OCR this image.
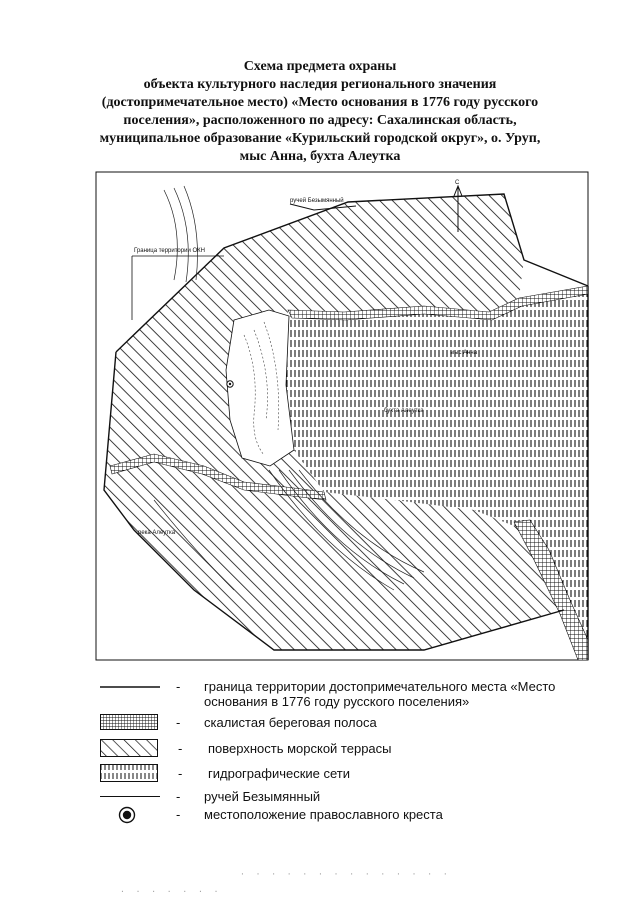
Схема предмета охраны
объекта культурного наследия регионального значения
(достопримечательное место) «Место основания в 1776 году русского
поселения», расположенного по адресу: Сахалинская область,
муниципальное образование «Курильский городской округ», о. Уруп,
мыс Анна, бухта Алеутка
С
ручей Безымянный
Граница территории ОКН
мыс Анна
бухта Алеутка
река Алеутка
- граница территории достопримечательного места «Место
основания в 1776 году русского поселения»
- скалистая береговая полоса
- поверхность морской террасы
- гидрографические сети
- ручей Безымянный
- местоположение православного креста
. . . . . . .
· · · · · · · · · · · · · ·
